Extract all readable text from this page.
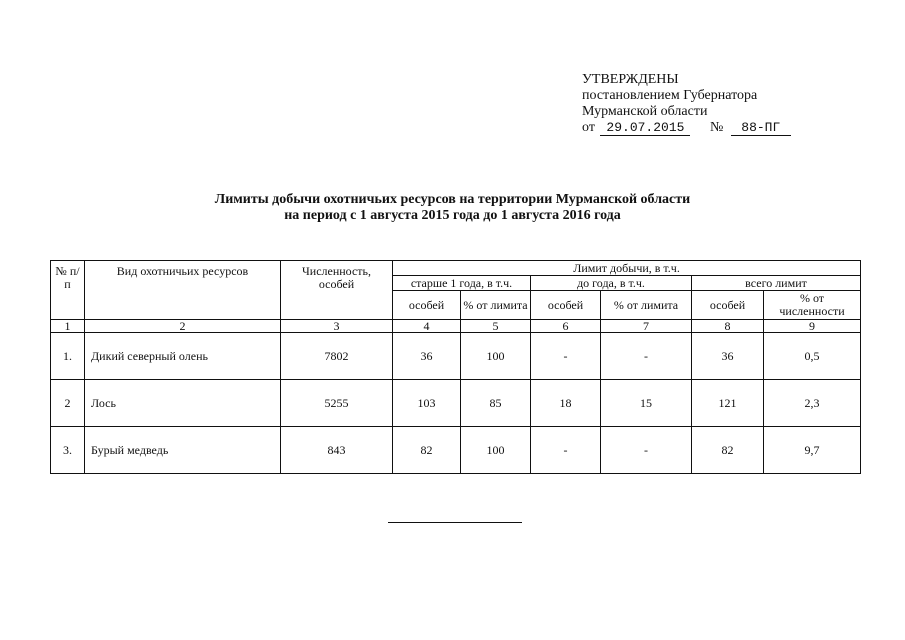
УТВЕРЖДЕНЫ
постановлением Губернатора
Мурманской области
от 29.07.2015 № 88-ПГ
Лимиты добычи охотничьих ресурсов на территории Мурманской области
на период с 1 августа 2015 года до 1 августа 2016 года
№ п/п	Вид охотничьих ресурсов	Численность, особей	Лимит добычи, в т.ч.					
			старше 1 года, в т.ч.		до года, в т.ч.		всего лимит	
			особей	% от лимита	особей	% от лимита	особей	% от численности
1	2	3	4	5	6	7	8	9
1.	Дикий северный олень	7802	36	100	-	-	36	0,5
2	Лось	5255	103	85	18	15	121	2,3
3.	Бурый медведь	843	82	100	-	-	82	9,7
